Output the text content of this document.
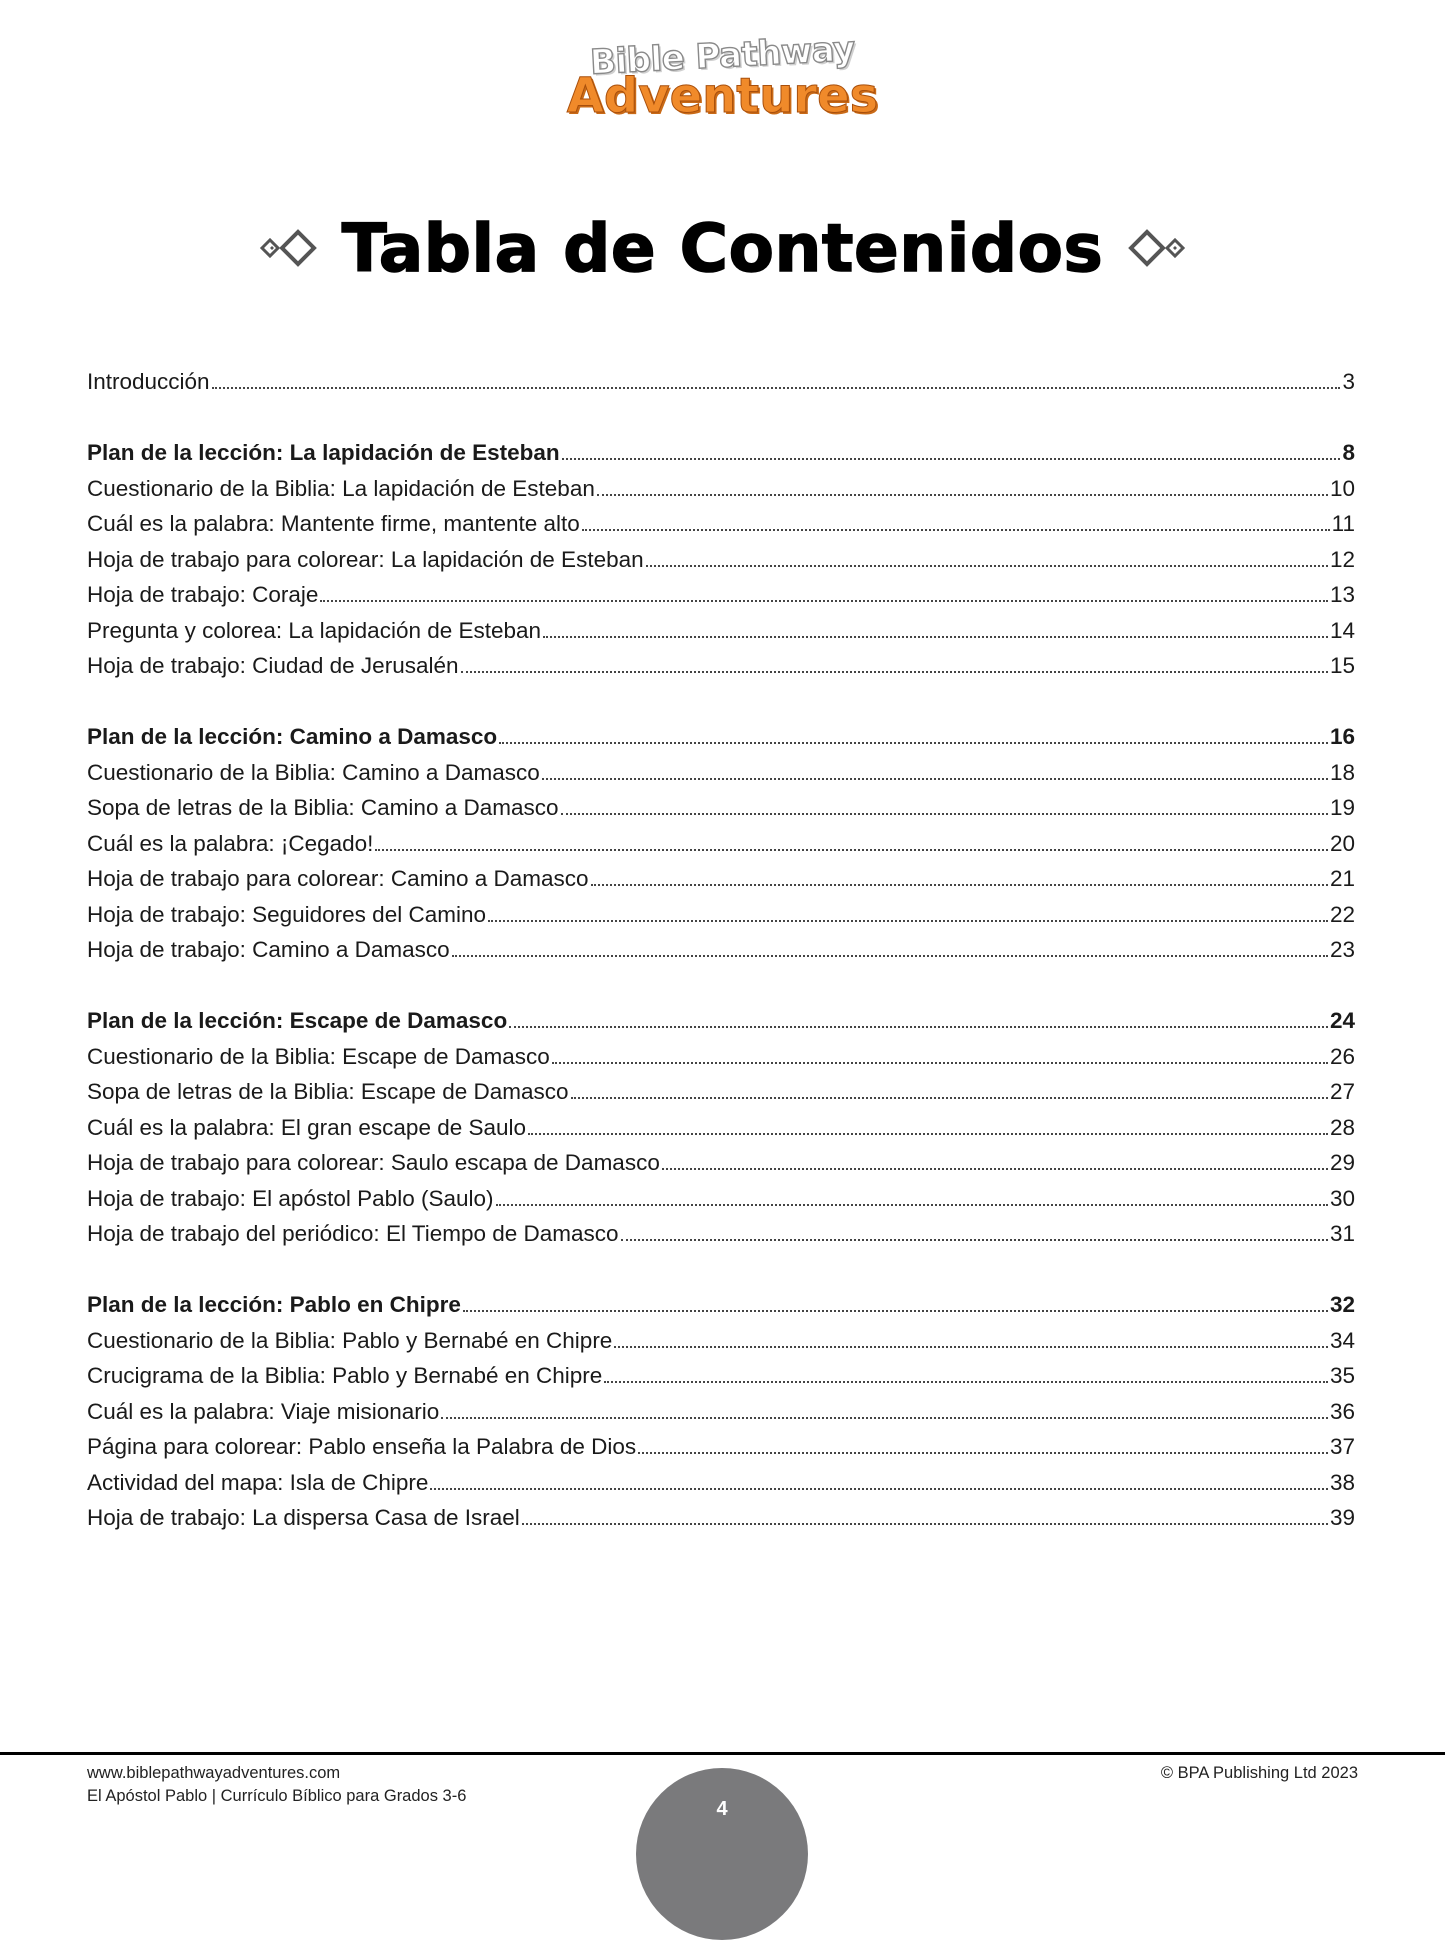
Bible Pathway
Adventures
Tabla de Contenidos
Introducción	3
Plan de la lección: La lapidación de Esteban	8
Cuestionario de la Biblia: La lapidación de Esteban	10
Cuál es la palabra: Mantente firme, mantente alto	11
Hoja de trabajo para colorear: La lapidación de Esteban	12
Hoja de trabajo: Coraje	13
Pregunta y colorea: La lapidación de Esteban	14
Hoja de trabajo: Ciudad de Jerusalén	15
Plan de la lección: Camino a Damasco	16
Cuestionario de la Biblia: Camino a Damasco	18
Sopa de letras de la Biblia: Camino a Damasco	19
Cuál es la palabra: ¡Cegado!	20
Hoja de trabajo para colorear: Camino a Damasco	21
Hoja de trabajo: Seguidores del Camino	22
Hoja de trabajo: Camino a Damasco	23
Plan de la lección: Escape de Damasco	24
Cuestionario de la Biblia: Escape de Damasco	26
Sopa de letras de la Biblia: Escape de Damasco	27
Cuál es la palabra: El gran escape de Saulo	28
Hoja de trabajo para colorear: Saulo escapa de Damasco	29
Hoja de trabajo: El apóstol Pablo (Saulo)	30
Hoja de trabajo del periódico: El Tiempo de Damasco	31
Plan de la lección: Pablo en Chipre	32
Cuestionario de la Biblia: Pablo y Bernabé en Chipre	34
Crucigrama de la Biblia: Pablo y Bernabé en Chipre	35
Cuál es la palabra: Viaje misionario	36
Página para colorear: Pablo enseña la Palabra de Dios	37
Actividad del mapa: Isla de Chipre	38
Hoja de trabajo: La dispersa Casa de Israel	39
www.biblepathwayadventures.com
El Apóstol Pablo | Currículo Bíblico para Grados 3-6
© BPA Publishing Ltd 2023
4
